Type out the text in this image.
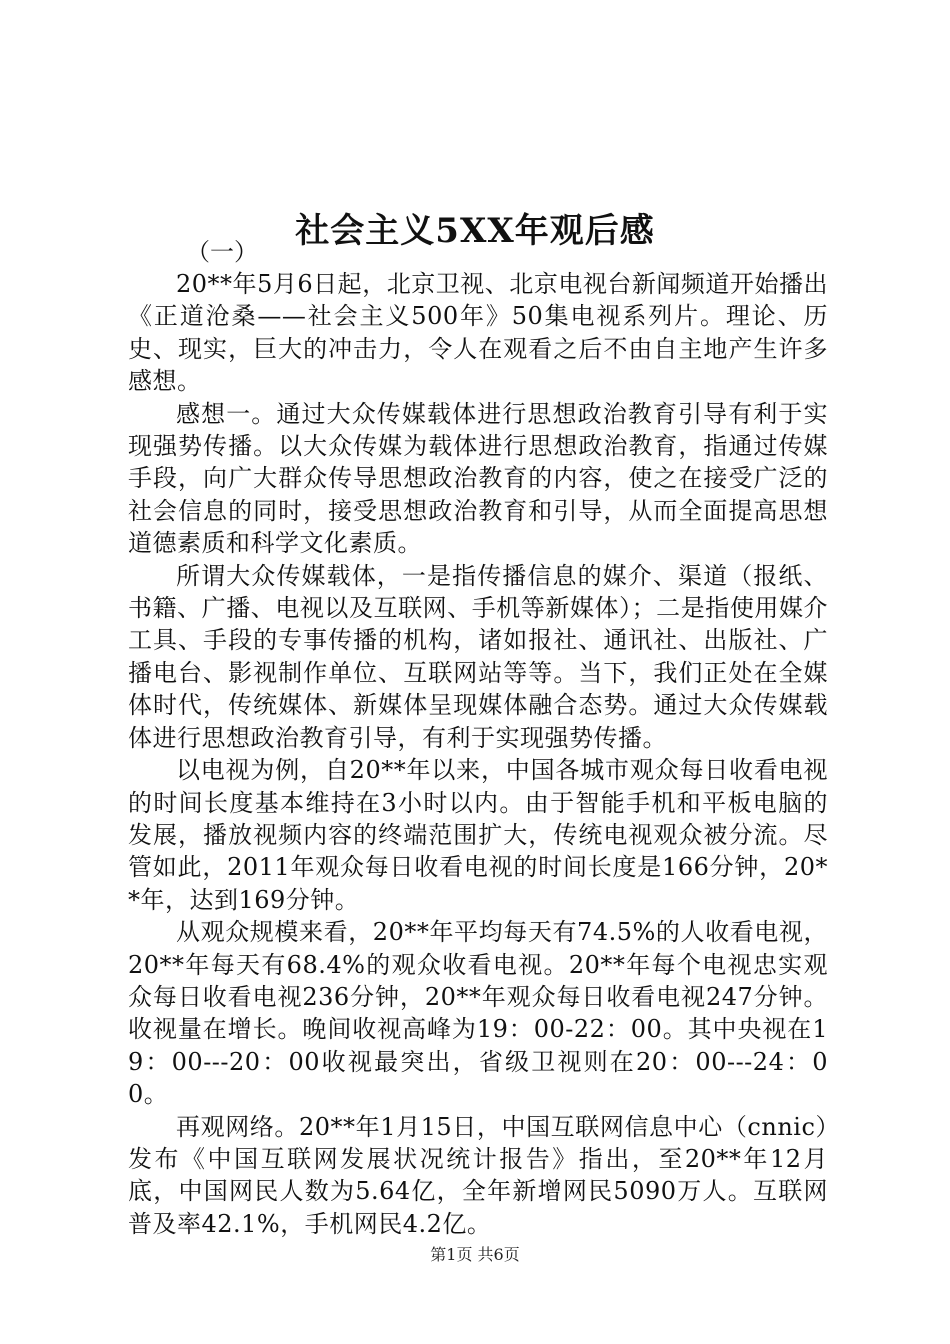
社会主义5XX年观后感
（一）

20**年5月6日起，北京卫视、北京电视台新闻频道开始播出《正道沧桑——社会主义500年》50集电视系列片。理论、历史、现实，巨大的冲击力，令人在观看之后不由自主地产生许多感想。

感想一。通过大众传媒载体进行思想政治教育引导有利于实现强势传播。以大众传媒为载体进行思想政治教育，指通过传媒手段，向广大群众传导思想政治教育的内容，使之在接受广泛的社会信息的同时，接受思想政治教育和引导，从而全面提高思想道德素质和科学文化素质。

所谓大众传媒载体，一是指传播信息的媒介、渠道（报纸、书籍、广播、电视以及互联网、手机等新媒体）；二是指使用媒介工具、手段的专事传播的机构，诸如报社、通讯社、出版社、广播电台、影视制作单位、互联网站等等。当下，我们正处在全媒体时代，传统媒体、新媒体呈现媒体融合态势。通过大众传媒载体进行思想政治教育引导，有利于实现强势传播。

以电视为例，自20**年以来，中国各城市观众每日收看电视的时间长度基本维持在3小时以内。由于智能手机和平板电脑的发展，播放视频内容的终端范围扩大，传统电视观众被分流。尽管如此，2011年观众每日收看电视的时间长度是166分钟，20**年，达到169分钟。

从观众规模来看，20**年平均每天有74.5%的人收看电视，20**年每天有68.4%的观众收看电视。20**年每个电视忠实观众每日收看电视236分钟，20**年观众每日收看电视247分钟。收视量在增长。晚间收视高峰为19：00-22：00。其中央视在19：00---20：00收视最突出，省级卫视则在20：00---24：00。

再观网络。20**年1月15日，中国互联网信息中心（cnnic）发布《中国互联网发展状况统计报告》指出，至20**年12月底，中国网民人数为5.64亿，全年新增网民5090万人。互联网普及率42.1%，手机网民4.2亿。

第1页 共6页
